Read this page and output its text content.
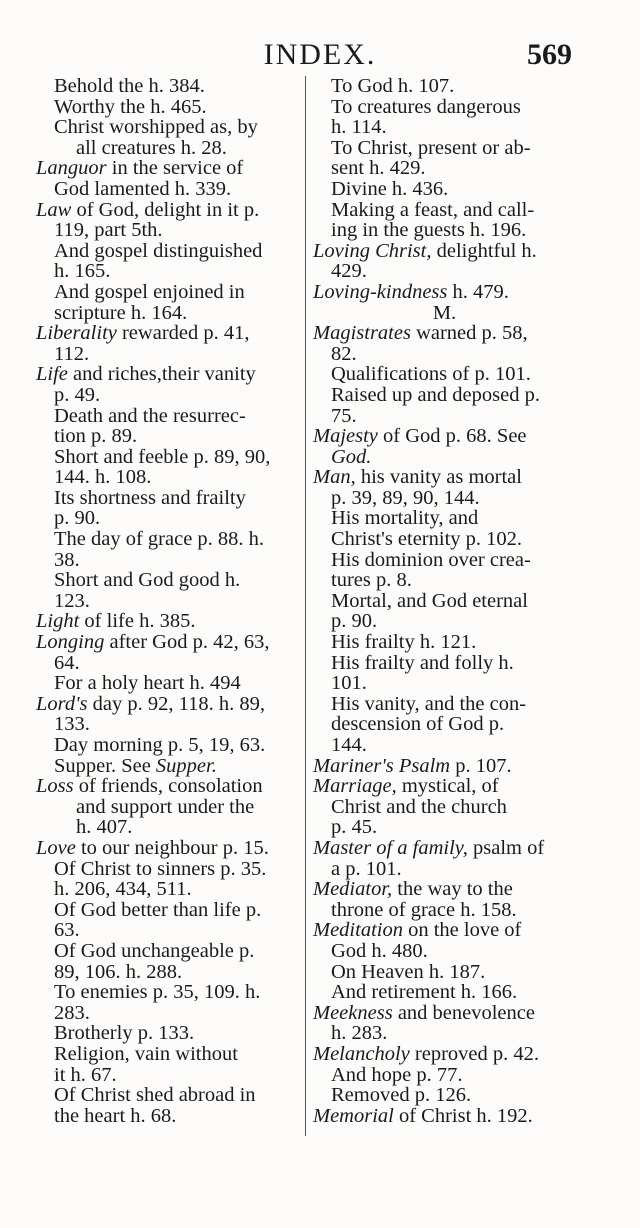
INDEX.	569
Behold the h. 384.
Worthy the h. 465.
Christ worshipped as, by
all creatures h. 28.
Languor in the service of
God lamented h. 339.
Law of God, delight in it p.
119, part 5th.
And gospel distinguished
h. 165.
And gospel enjoined in
scripture h. 164.
Liberality rewarded p. 41,
112.
Life and riches,their vanity
p. 49.
Death and the resurrec-
tion p. 89.
Short and feeble p. 89, 90,
144. h. 108.
Its shortness and frailty
p. 90.
The day of grace p. 88. h.
38.
Short and God good h.
123.
Light of life h. 385.
Longing after God p. 42, 63,
64.
For a holy heart h. 494
Lord's day p. 92, 118. h. 89,
133.
Day morning p. 5, 19, 63.
Supper. See Supper.
Loss of friends, consolation
and support under the
h. 407.
Love to our neighbour p. 15.
Of Christ to sinners p. 35.
h. 206, 434, 511.
Of God better than life p.
63.
Of God unchangeable p.
89, 106. h. 288.
To enemies p. 35, 109. h.
283.
Brotherly p. 133.
Religion, vain without
it h. 67.
Of Christ shed abroad in
the heart h. 68.
To God h. 107.
To creatures dangerous
h. 114.
To Christ, present or ab-
sent h. 429.
Divine h. 436.
Making a feast, and call-
ing in the guests h. 196.
Loving Christ, delightful h.
429.
Loving-kindness h. 479.
M.
Magistrates warned p. 58,
82.
Qualifications of p. 101.
Raised up and deposed p.
75.
Majesty of God p. 68. See
God.
Man, his vanity as mortal
p. 39, 89, 90, 144.
His mortality, and
Christ's eternity p. 102.
His dominion over crea-
tures p. 8.
Mortal, and God eternal
p. 90.
His frailty h. 121.
His frailty and folly h.
101.
His vanity, and the con-
descension of God p.
144.
Mariner's Psalm p. 107.
Marriage, mystical, of
Christ and the church
p. 45.
Master of a family, psalm of
a p. 101.
Mediator, the way to the
throne of grace h. 158.
Meditation on the love of
God h. 480.
On Heaven h. 187.
And retirement h. 166.
Meekness and benevolence
h. 283.
Melancholy reproved p. 42.
And hope p. 77.
Removed p. 126.
Memorial of Christ h. 192.
